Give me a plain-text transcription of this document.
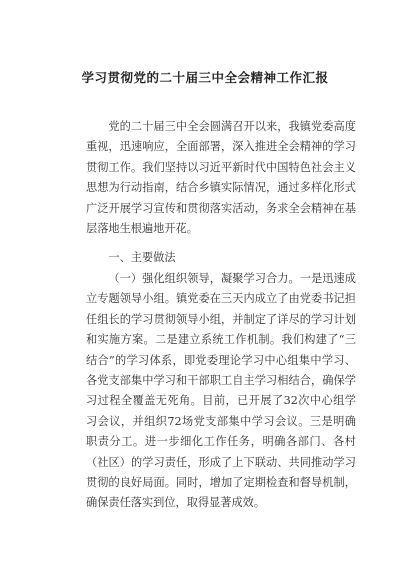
学习贯彻党的二十届三中全会精神工作汇报

党的二十届三中全会圆满召开以来，我镇党委高度重视，迅速响应，全面部署，深入推进全会精神的学习贯彻工作。我们坚持以习近平新时代中国特色社会主义思想为行动指南，结合乡镇实际情况，通过多样化形式广泛开展学习宣传和贯彻落实活动，务求全会精神在基层落地生根遍地开花。

一、主要做法

（一）强化组织领导，凝聚学习合力。一是迅速成立专题领导小组。镇党委在三天内成立了由党委书记担任组长的学习贯彻领导小组，并制定了详尽的学习计划和实施方案。二是建立系统工作机制。我们构建了“三结合”的学习体系，即党委理论学习中心组集中学习、各党支部集中学习和干部职工自主学习相结合，确保学习过程全覆盖无死角。目前，已开展了32次中心组学习会议，并组织72场党支部集中学习会议。三是明确职责分工。进一步细化工作任务，明确各部门、各村（社区）的学习责任，形成了上下联动、共同推动学习贯彻的良好局面。同时，增加了定期检查和督导机制，确保责任落实到位，取得显著成效。
